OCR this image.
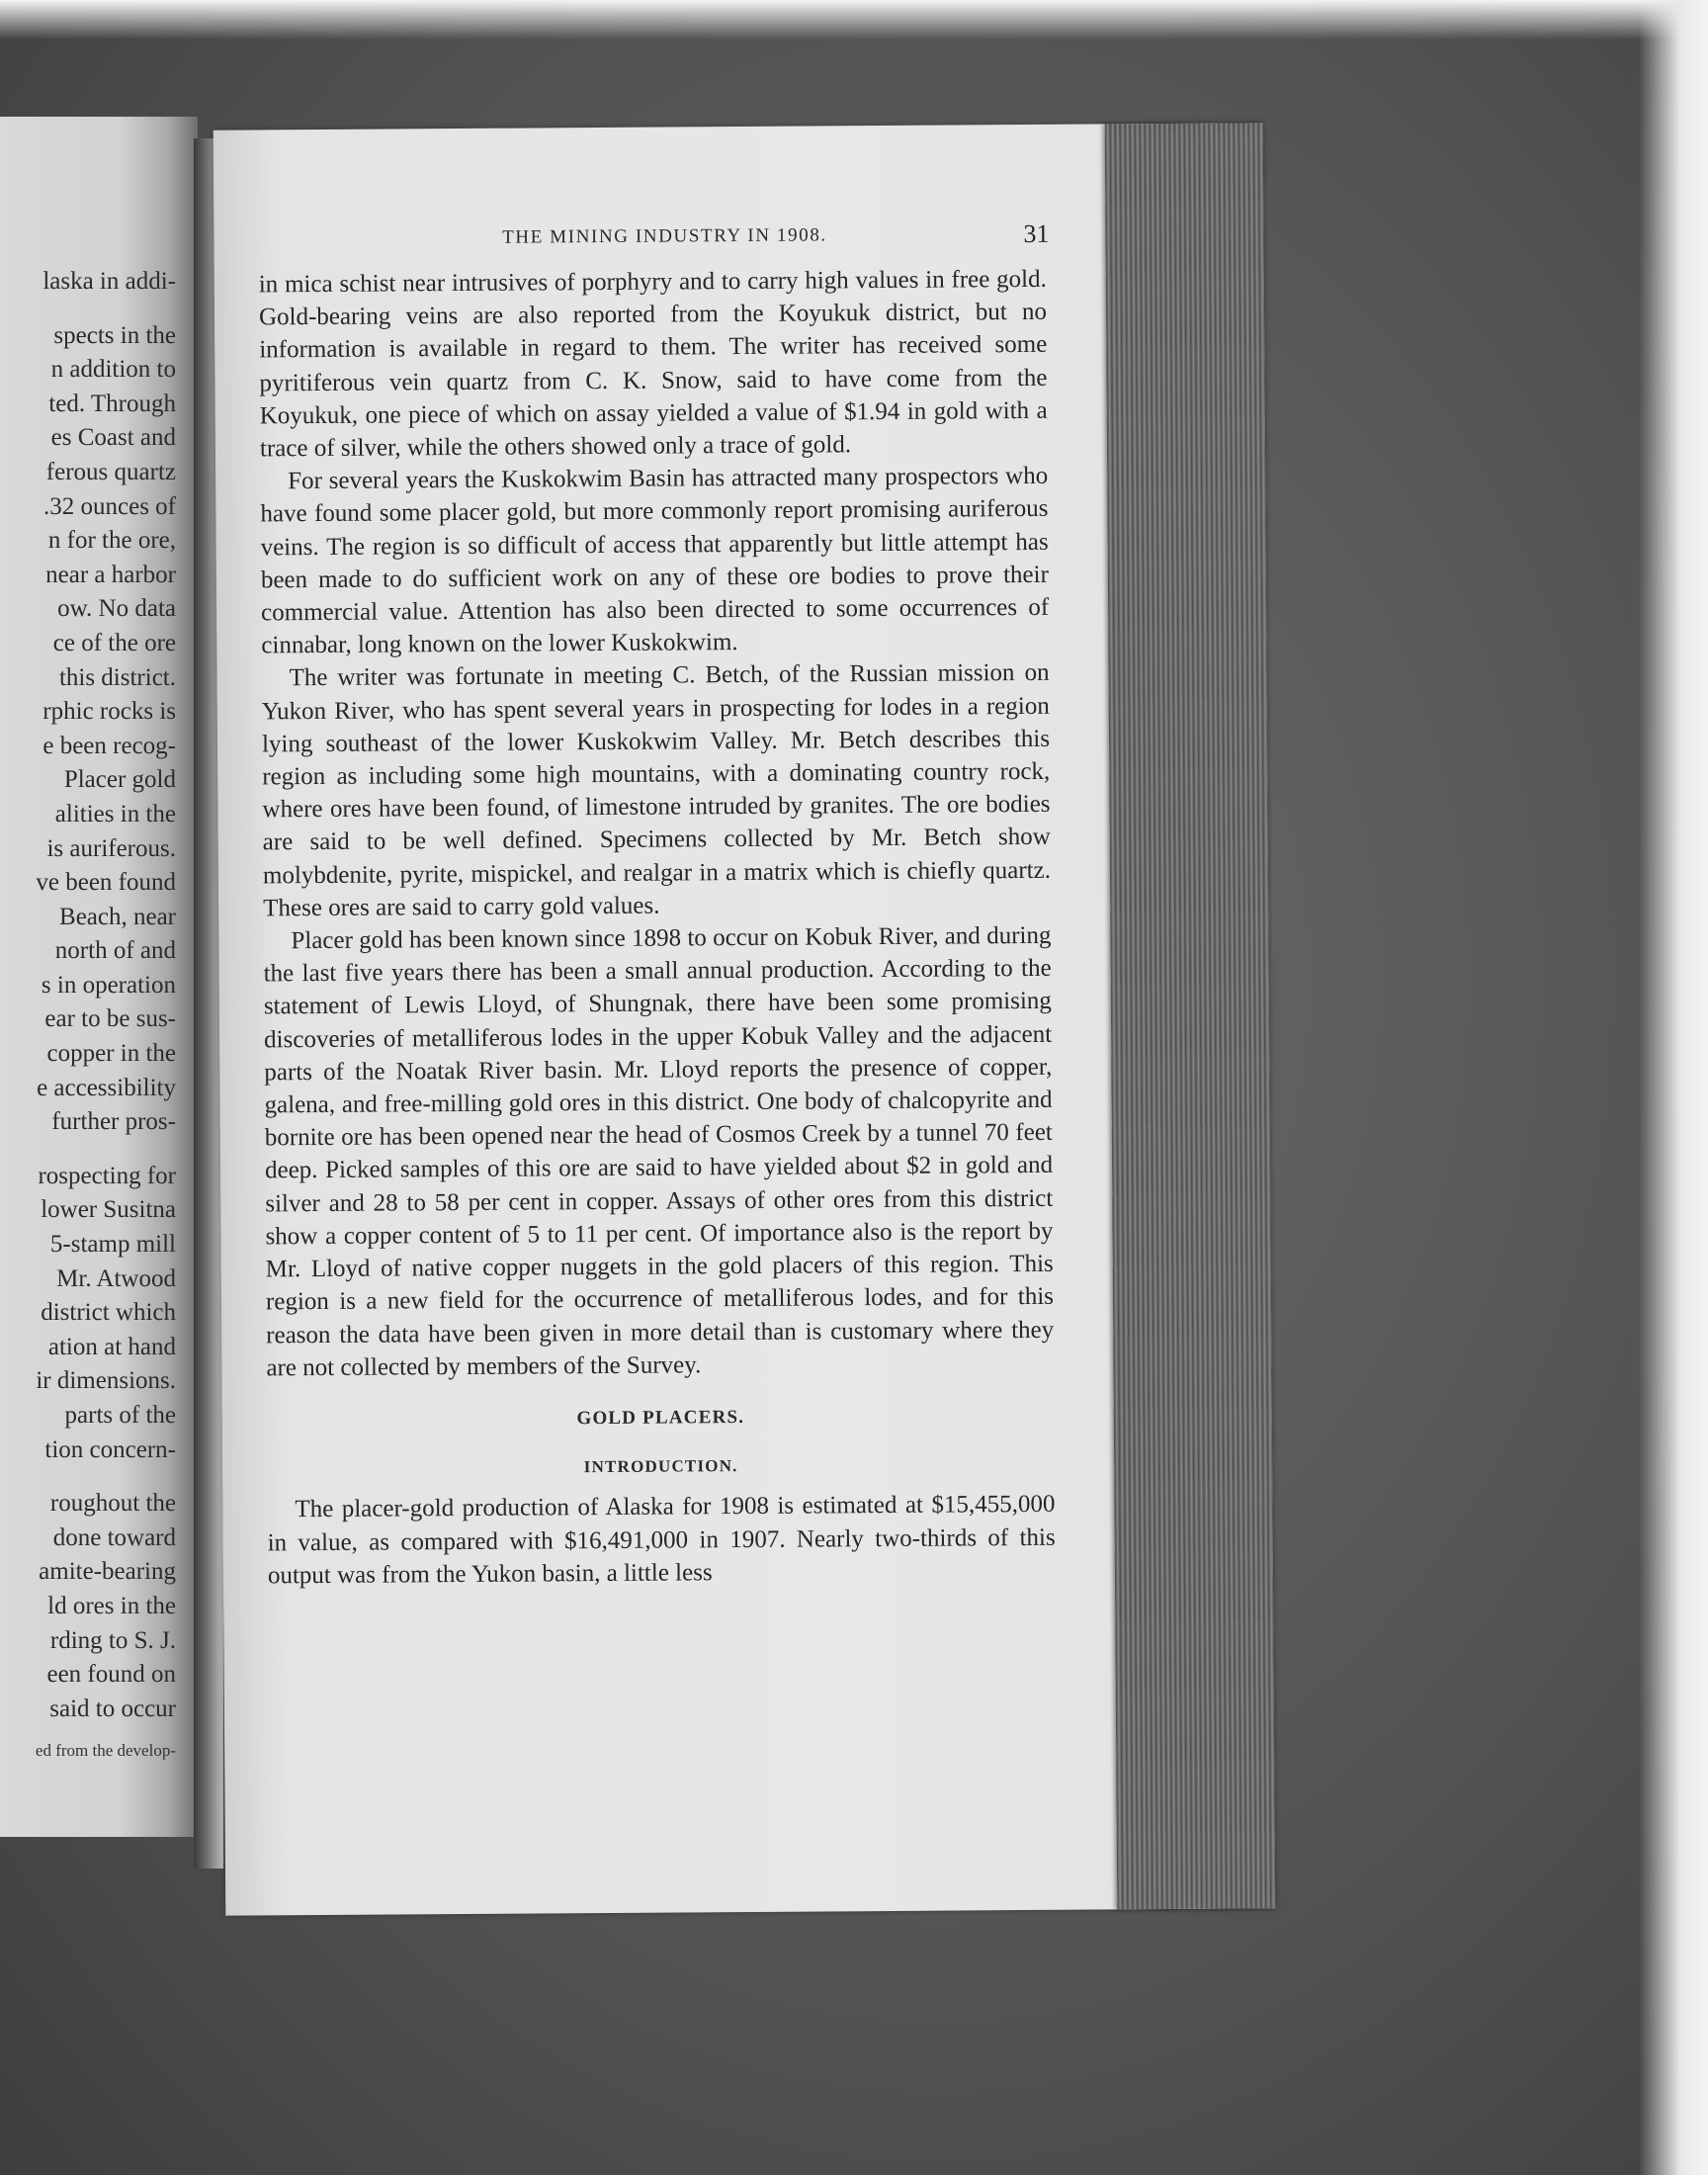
laska in addi-
spects in the
n addition to
ted. Through
es Coast and
ferous quartz
.32 ounces of
n for the ore,
near a harbor
ow. No data
ce of the ore
this district.
rphic rocks is
e been recog-
Placer gold
alities in the
is auriferous.
ve been found
Beach, near
north of and
s in operation
ear to be sus-
copper in the
e accessibility
further pros-
rospecting for
lower Susitna
5-stamp mill
Mr. Atwood
district which
ation at hand
ir dimensions.
parts of the
tion concern-
roughout the
done toward
amite-bearing
ld ores in the
rding to S. J.
een found on
said to occur
ed from the develop-
THE MINING INDUSTRY IN 1908.	31

in mica schist near intrusives of porphyry and to carry high values in free gold. Gold-bearing veins are also reported from the Koyukuk district, but no information is available in regard to them. The writer has received some pyritiferous vein quartz from C. K. Snow, said to have come from the Koyukuk, one piece of which on assay yielded a value of $1.94 in gold with a trace of silver, while the others showed only a trace of gold.

For several years the Kuskokwim Basin has attracted many prospectors who have found some placer gold, but more commonly report promising auriferous veins. The region is so difficult of access that apparently but little attempt has been made to do sufficient work on any of these ore bodies to prove their commercial value. Attention has also been directed to some occurrences of cinnabar, long known on the lower Kuskokwim.

The writer was fortunate in meeting C. Betch, of the Russian mission on Yukon River, who has spent several years in prospecting for lodes in a region lying southeast of the lower Kuskokwim Valley. Mr. Betch describes this region as including some high mountains, with a dominating country rock, where ores have been found, of limestone intruded by granites. The ore bodies are said to be well defined. Specimens collected by Mr. Betch show molybdenite, pyrite, mispickel, and realgar in a matrix which is chiefly quartz. These ores are said to carry gold values.

Placer gold has been known since 1898 to occur on Kobuk River, and during the last five years there has been a small annual production. According to the statement of Lewis Lloyd, of Shungnak, there have been some promising discoveries of metalliferous lodes in the upper Kobuk Valley and the adjacent parts of the Noatak River basin. Mr. Lloyd reports the presence of copper, galena, and free-milling gold ores in this district. One body of chalcopyrite and bornite ore has been opened near the head of Cosmos Creek by a tunnel 70 feet deep. Picked samples of this ore are said to have yielded about $2 in gold and silver and 28 to 58 per cent in copper. Assays of other ores from this district show a copper content of 5 to 11 per cent. Of importance also is the report by Mr. Lloyd of native copper nuggets in the gold placers of this region. This region is a new field for the occurrence of metalliferous lodes, and for this reason the data have been given in more detail than is customary where they are not collected by members of the Survey.

GOLD PLACERS.
INTRODUCTION.

The placer-gold production of Alaska for 1908 is estimated at $15,455,000 in value, as compared with $16,491,000 in 1907. Nearly two-thirds of this output was from the Yukon basin, a little less
